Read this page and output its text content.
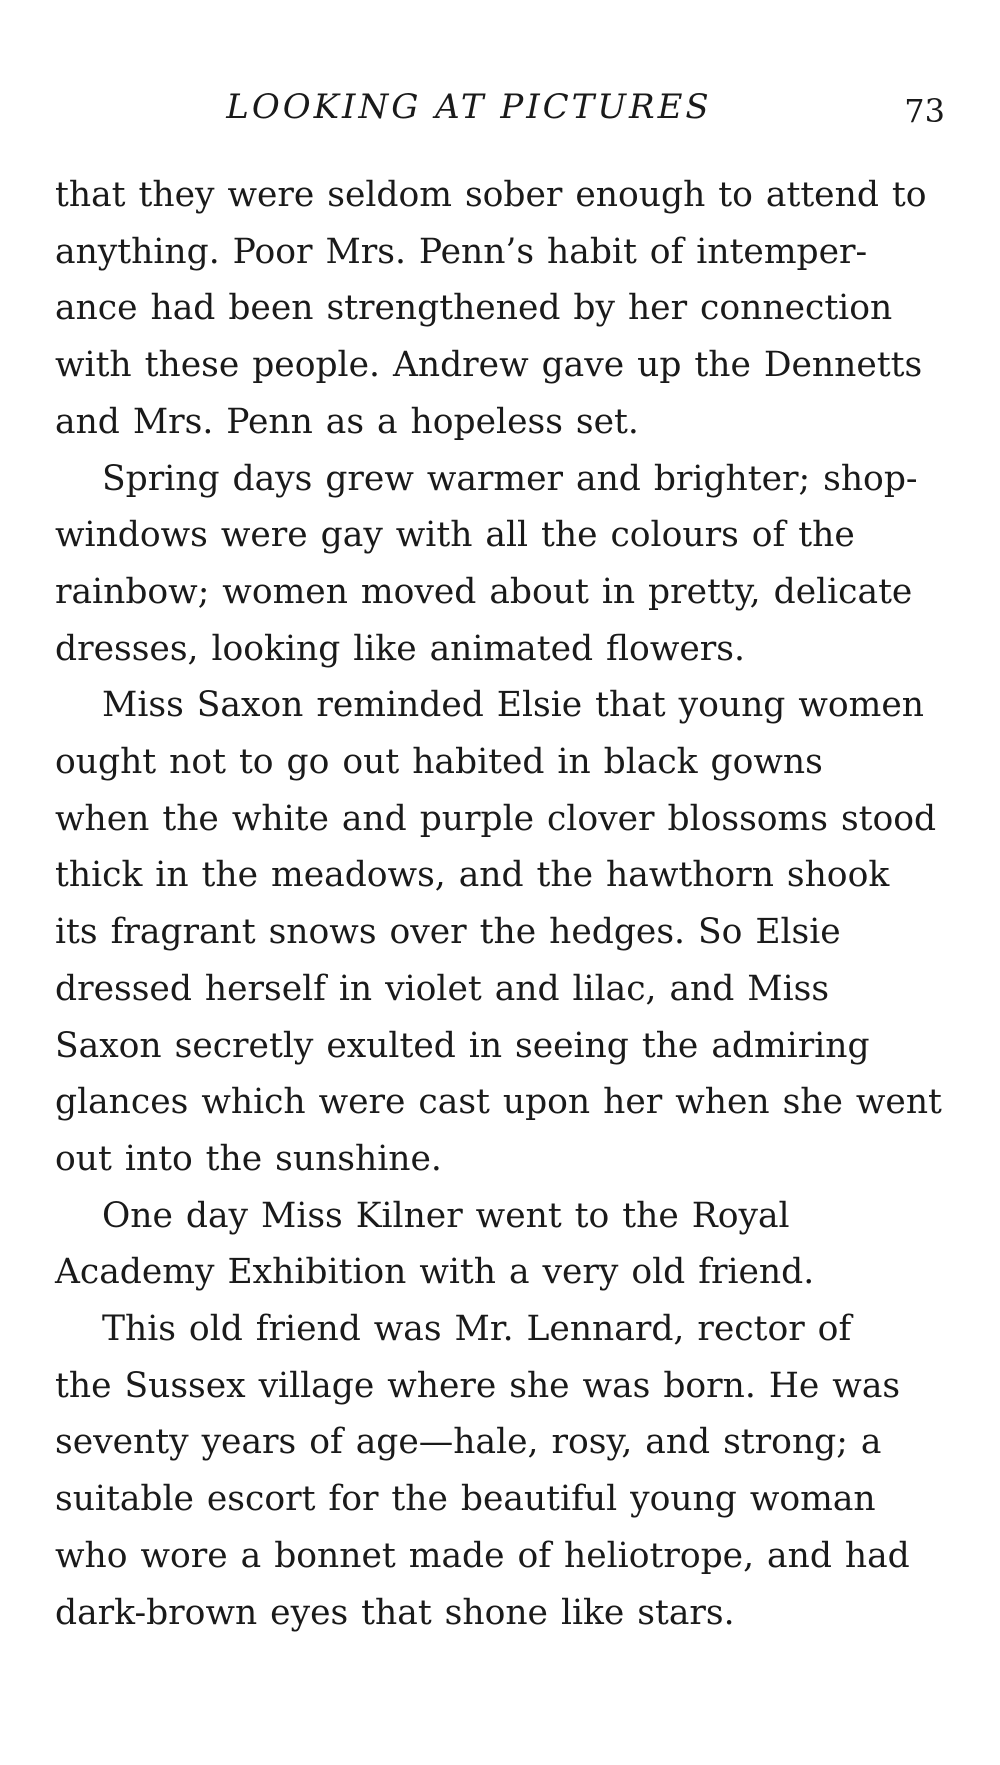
LOOKING AT PICTURES	73

that they were seldom sober enough to attend to
anything. Poor Mrs. Penn’s habit of intemper-
ance had been strengthened by her connection
with these people. Andrew gave up the Dennetts
and Mrs. Penn as a hopeless set.

Spring days grew warmer and brighter; shop-
windows were gay with all the colours of the
rainbow; women moved about in pretty, delicate
dresses, looking like animated flowers.

Miss Saxon reminded Elsie that young women
ought not to go out habited in black gowns
when the white and purple clover blossoms stood
thick in the meadows, and the hawthorn shook
its fragrant snows over the hedges. So Elsie
dressed herself in violet and lilac, and Miss
Saxon secretly exulted in seeing the admiring
glances which were cast upon her when she went
out into the sunshine.

One day Miss Kilner went to the Royal
Academy Exhibition with a very old friend.

This old friend was Mr. Lennard, rector of
the Sussex village where she was born. He was
seventy years of age—hale, rosy, and strong; a
suitable escort for the beautiful young woman
who wore a bonnet made of heliotrope, and had
dark-brown eyes that shone like stars.
